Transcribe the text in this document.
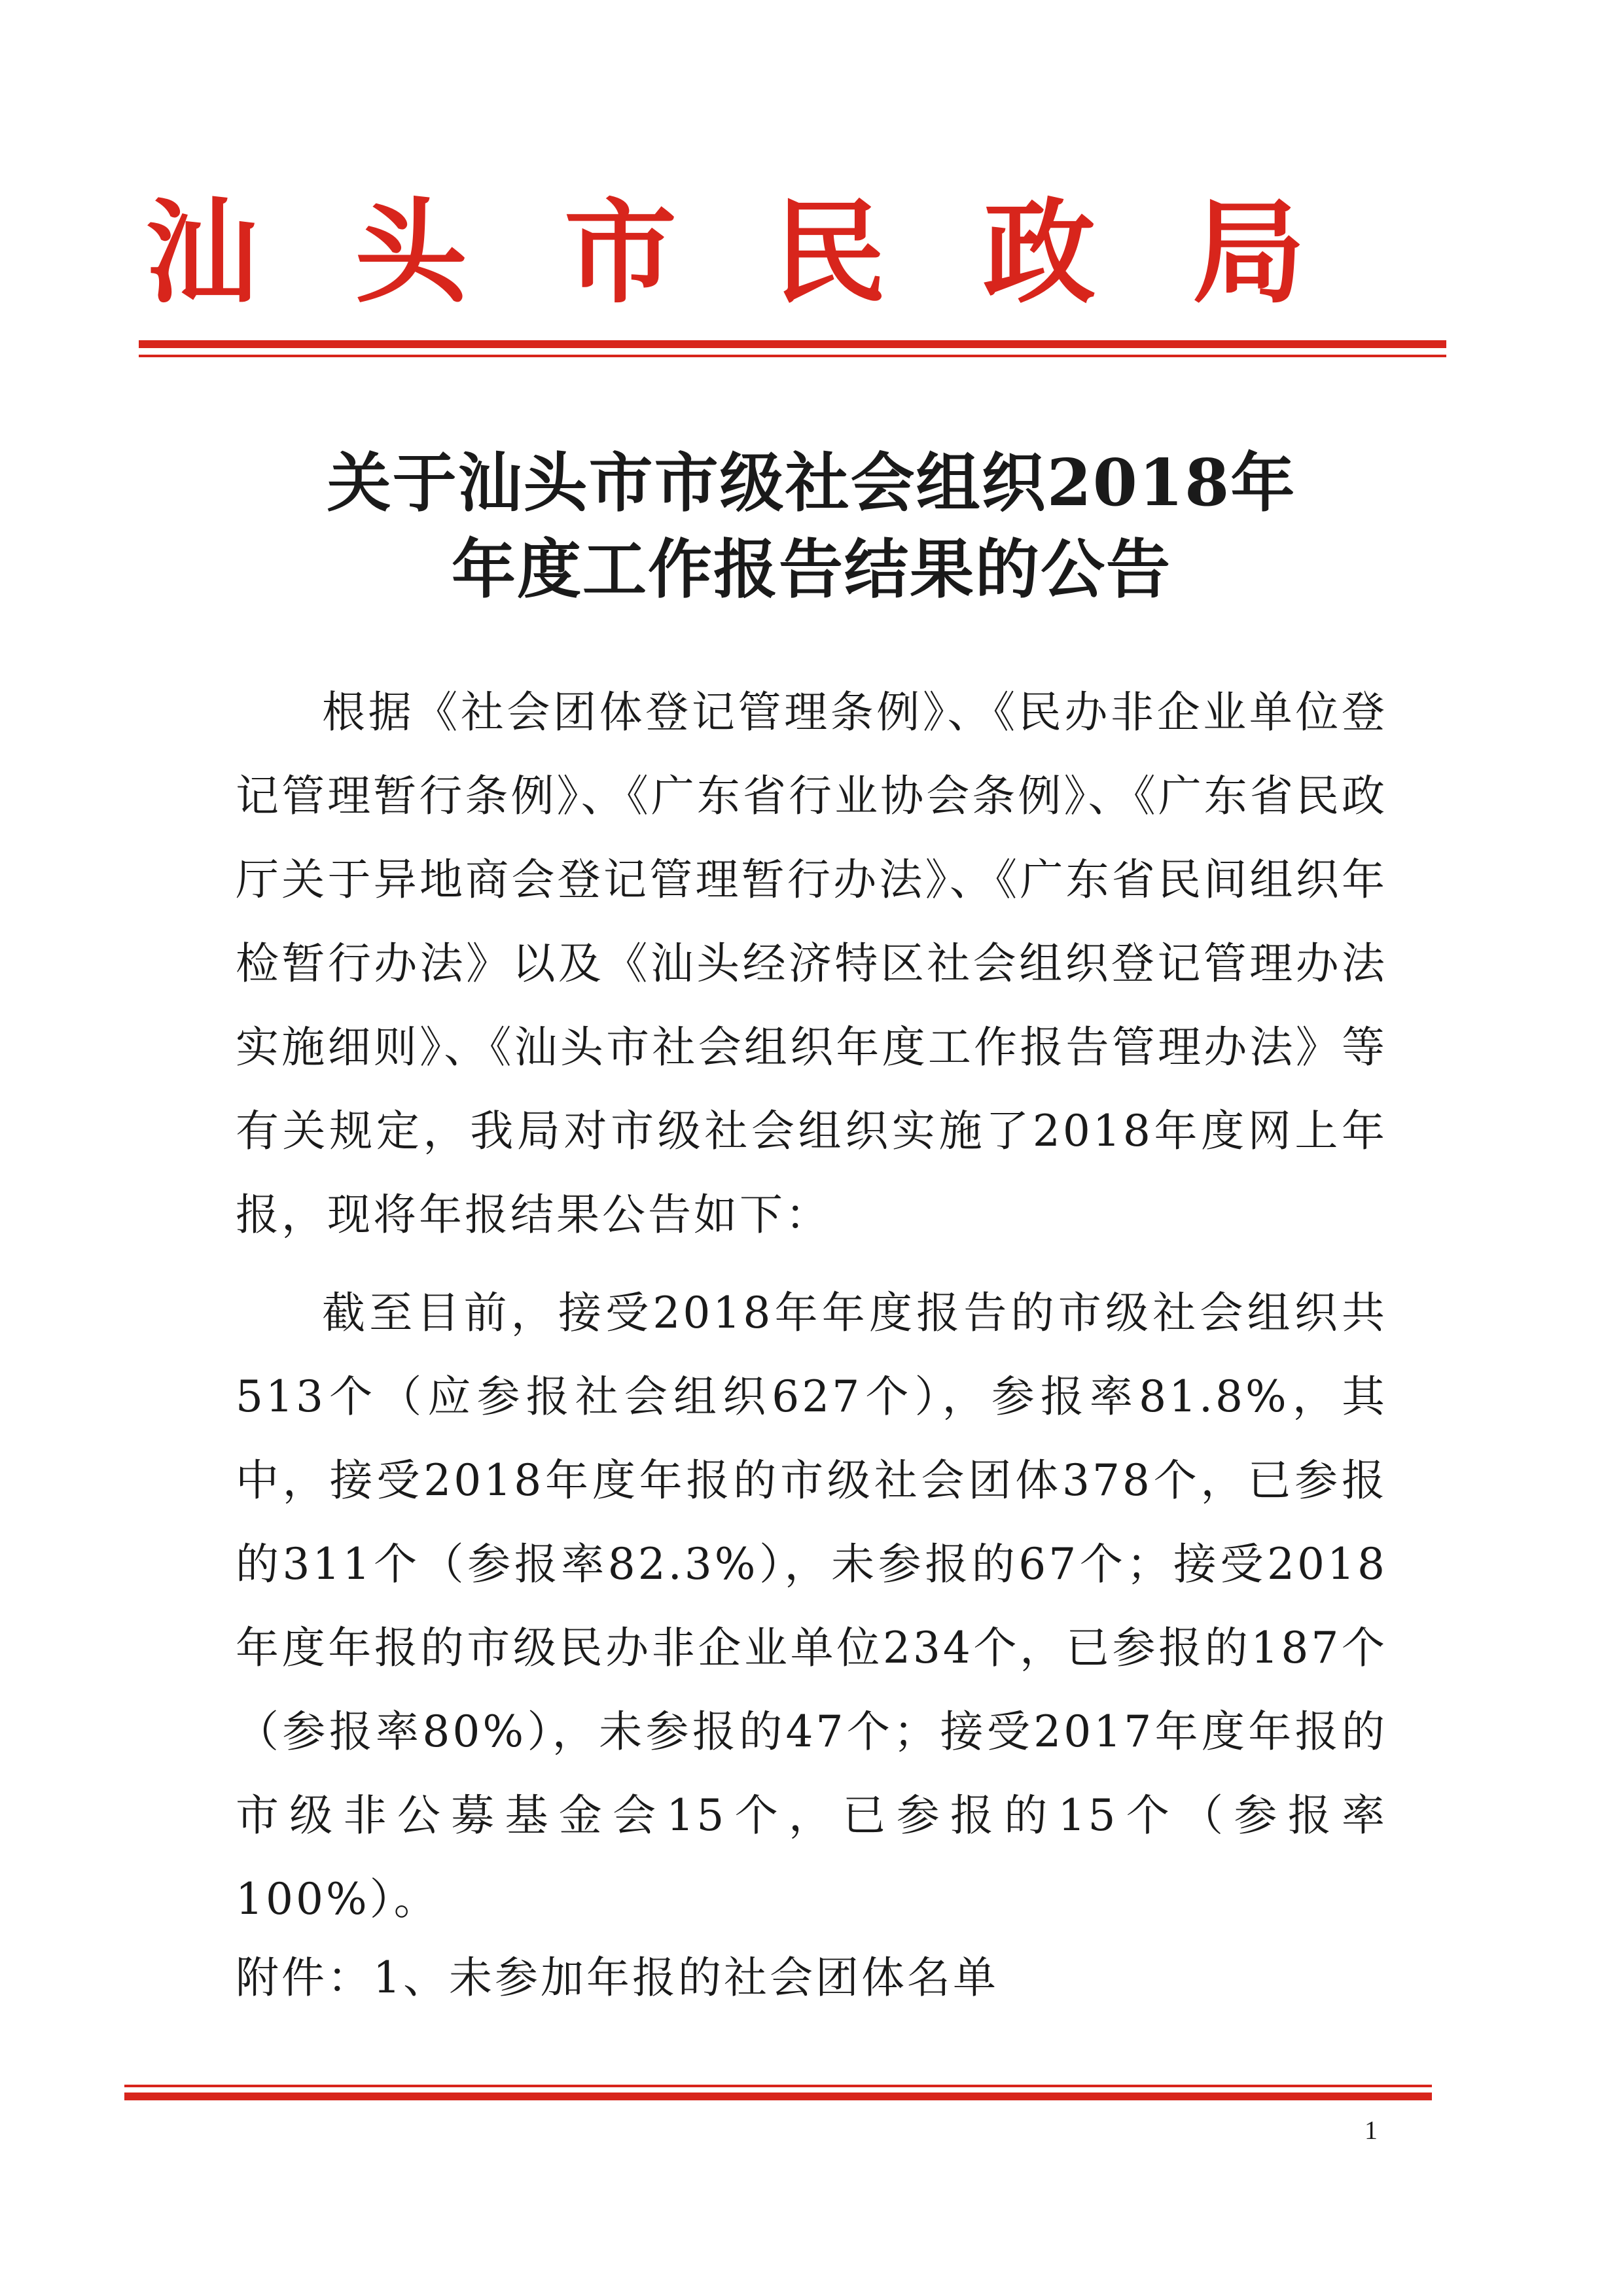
汕 头 市 民 政 局
关于汕头市市级社会组织2018年
年度工作报告结果的公告

根据《社会团体登记管理条例》、《民办非企业单位登记管理暂行条例》、《广东省行业协会条例》、《广东省民政厅关于异地商会登记管理暂行办法》、《广东省民间组织年检暂行办法》以及《汕头经济特区社会组织登记管理办法实施细则》、《汕头市社会组织年度工作报告管理办法》等有关规定，我局对市级社会组织实施了2018年度网上年报，现将年报结果公告如下：

截至目前，接受2018年年度报告的市级社会组织共513个（应参报社会组织627个），参报率81.8%，其中，接受2018年度年报的市级社会团体378个，已参报的311个（参报率82.3%），未参报的67个；接受2018年度年报的市级民办非企业单位234个，已参报的187个（参报率80%），未参报的47个；接受2017年度年报的市级非公募基金会15个，已参报的15个（参报率100%）。

附件：1、未参加年报的社会团体名单
1
